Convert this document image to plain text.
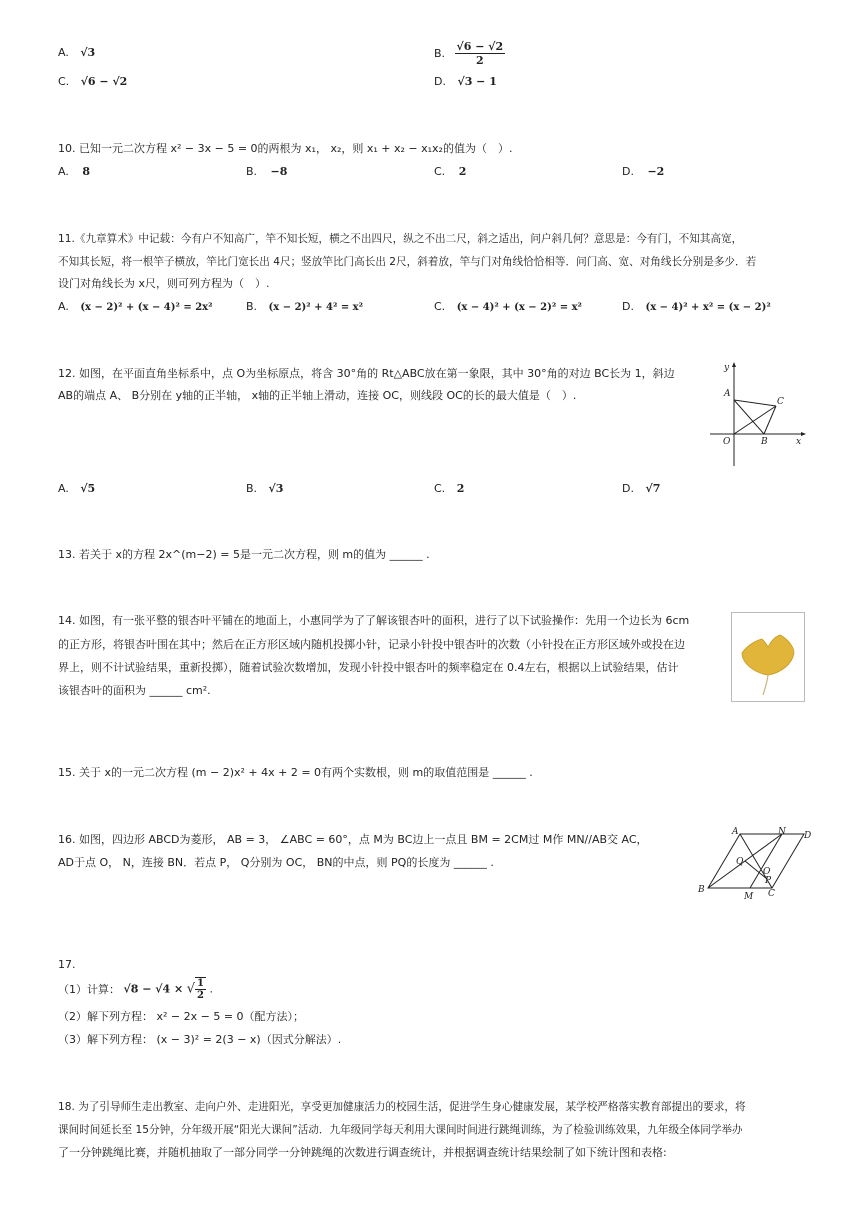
A. √3	B. $\frac{√6 - √2}{2}$
C. √6 − √2	D. √3 − 1
10. 已知一元二次方程 x² − 3x − 5 = 0的两根为 x₁， x₂，则 x₁ + x₂ − x₁x₂的值为（　）.
A. 8	B. −8	C. 2	D. −2
11.《九章算术》中记载：今有户不知高广，竿不知长短，横之不出四尺，纵之不出二尺，斜之适出，问户斜几何？意思是：今有门，不知其高宽，
不知其长短，将一根竿子横放，竿比门宽长出 4尺；竖放竿比门高长出 2尺，斜着放，竿与门对角线恰恰相等．问门高、宽、对角线长分别是多少．若
设门对角线长为 x尺，则可列方程为（　）.
A. (x − 2)² + (x − 4)² = 2x²	B. (x − 2)² + 4² = x²	C. (x − 4)² + (x − 2)² = x²	D. (x − 4)² + x² = (x − 2)²
12. 如图，在平面直角坐标系中，点 O为坐标原点，将含 30°角的 Rt△ABC放在第一象限，其中 30°角的对边 BC长为 1，斜边
AB的端点 A、 B分别在 y轴的正半轴， x轴的正半轴上滑动，连接 OC，则线段 OC的长的最大值是（　）.
y
x
A
B
C
O
A. √5	B. √3	C. 2	D. √7
13. 若关于 x的方程 2x^(m−2) = 5是一元二次方程，则 m的值为 ______ .
14. 如图，有一张平整的银杏叶平铺在的地面上，小惠同学为了了解该银杏叶的面积，进行了以下试验操作：先用一个边长为 6cm
的正方形，将银杏叶围在其中；然后在正方形区域内随机投掷小针，记录小针投中银杏叶的次数（小针投在正方形区域外或投在边
界上，则不计试验结果，重新投掷），随着试验次数增加，发现小针投中银杏叶的频率稳定在 0.4左右，根据以上试验结果，估计
该银杏叶的面积为 ______ cm².
15. 关于 x的一元二次方程 (m − 2)x² + 4x + 2 = 0有两个实数根，则 m的取值范围是 ______ .
16. 如图，四边形 ABCD为菱形， AB = 3， ∠ABC = 60°，点 M为 BC边上一点且 BM = 2CM过 M作 MN//AB交 AC，
AD于点 O， N，连接 BN．若点 P， Q分别为 OC， BN的中点，则 PQ的长度为 ______ .
A	N D
Q
O
P
B
M C
17.
（1）计算： √8 − √4 × √ $\frac{1}{2}$ .
（2）解下列方程： x² − 2x − 5 = 0（配方法）；
（3）解下列方程： (x − 3)² = 2(3 − x)（因式分解法）.
18. 为了引导师生走出教室、走向户外、走进阳光，享受更加健康活力的校园生活，促进学生身心健康发展，某学校严格落实教育部提出的要求，将
课间时间延长至 15分钟，分年级开展“阳光大课间”活动．九年级同学每天利用大课间时间进行跳绳训练，为了检验训练效果，九年级全体同学举办
了一分钟跳绳比赛，并随机抽取了一部分同学一分钟跳绳的次数进行调查统计，并根据调查统计结果绘制了如下统计图和表格:
